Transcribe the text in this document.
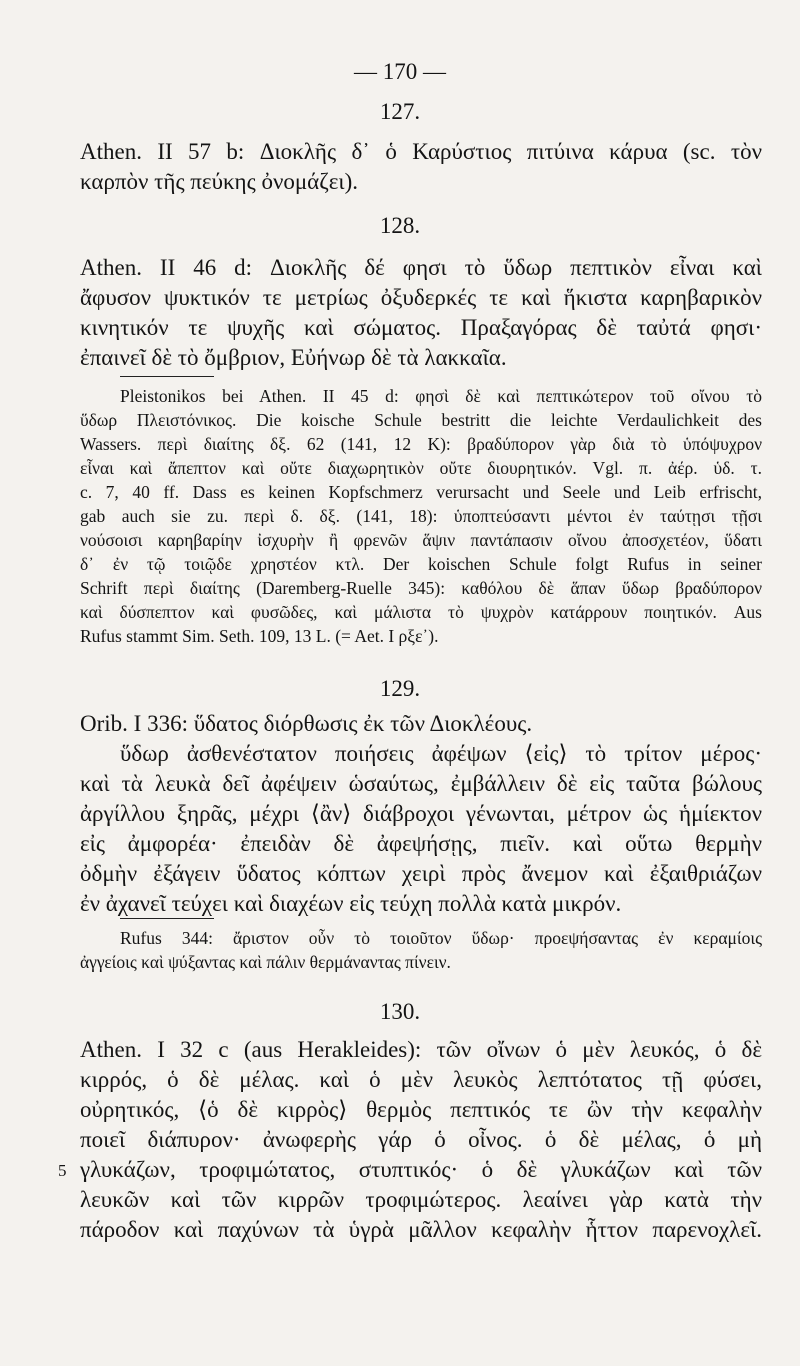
— 170 —
127.
Athen. II 57 b: Διοκλῆς δ᾽ ὁ Καρύστιος πιτύινα κάρυα (sc. τὸν
καρπὸν τῆς πεύκης ὀνομάζει).
128.
Athen. II 46 d: Διοκλῆς δέ φησι τὸ ὕδωρ πεπτικὸν εἶναι καὶ
ἄφυσον ψυκτικόν τε μετρίως ὀξυδερκές τε καὶ ἥκιστα καρηβαρικὸν
κινητικόν τε ψυχῆς καὶ σώματος. Πραξαγόρας δὲ ταὐτά φησι·
ἐπαινεῖ δὲ τὸ ὄμβριον, Εὐήνωρ δὲ τὰ λακκαῖα.
Pleistonikos bei Athen. II 45 d: φησὶ δὲ καὶ πεπτικώτερον τοῦ οἴνου τὸ
ὕδωρ Πλειστόνικος. Die koische Schule bestritt die leichte Verdaulichkeit des
Wassers. περὶ διαίτης δξ. 62 (141, 12 K): βραδύπορον γὰρ διὰ τὸ ὑπόψυχρον
εἶναι καὶ ἄπεπτον καὶ οὔτε διαχωρητικὸν οὔτε διουρητικόν. Vgl. π. ἀέρ. ὑδ. τ.
c. 7, 40 ff. Dass es keinen Kopfschmerz verursacht und Seele und Leib erfrischt,
gab auch sie zu. περὶ δ. δξ. (141, 18): ὑποπτεύσαντι μέντοι ἐν ταύτῃσι τῇσι
νούσοισι καρηβαρίην ἰσχυρὴν ἢ φρενῶν ἅψιν παντάπασιν οἴνου ἀποσχετέον, ὕδατι
δ᾽ ἐν τῷ τοιῷδε χρηστέον κτλ. Der koischen Schule folgt Rufus in seiner
Schrift περὶ διαίτης (Daremberg-Ruelle 345): καθόλου δὲ ἅπαν ὕδωρ βραδύπορον
καὶ δύσπεπτον καὶ φυσῶδες, καὶ μάλιστα τὸ ψυχρὸν κατάρρουν ποιητικόν. Aus
Rufus stammt Sim. Seth. 109, 13 L. (= Aet. I ρξε᾽).
129.
Orib. I 336: ὕδατος διόρθωσις ἐκ τῶν Διοκλέους.
ὕδωρ ἀσθενέστατον ποιήσεις ἀφέψων ⟨εἰς⟩ τὸ τρίτον μέρος·
καὶ τὰ λευκὰ δεῖ ἀφέψειν ὡσαύτως, ἐμβάλλειν δὲ εἰς ταῦτα βώλους
ἀργίλλου ξηρᾶς, μέχρι ⟨ἂν⟩ διάβροχοι γένωνται, μέτρον ὡς ἡμίεκτον
εἰς ἀμφορέα· ἐπειδὰν δὲ ἀφεψήσῃς, πιεῖν. καὶ οὕτω θερμὴν
ὀδμὴν ἐξάγειν ὕδατος κόπτων χειρὶ πρὸς ἄνεμον καὶ ἐξαιθριάζων
ἐν ἀχανεῖ τεύχει καὶ διαχέων εἰς τεύχη πολλὰ κατὰ μικρόν.
Rufus 344: ἄριστον οὖν τὸ τοιοῦτον ὕδωρ· προεψήσαντας ἐν κεραμίοις
ἀγγείοις καὶ ψύξαντας καὶ πάλιν θερμάναντας πίνειν.
130.
Athen. I 32 c (aus Herakleides): τῶν οἴνων ὁ μὲν λευκός, ὁ δὲ
κιρρός, ὁ δὲ μέλας. καὶ ὁ μὲν λευκὸς λεπτότατος τῇ φύσει,
οὐρητικός, ⟨ὁ δὲ κιρρὸς⟩ θερμὸς πεπτικός τε ὢν τὴν κεφαλὴν
ποιεῖ διάπυρον· ἀνωφερὴς γάρ ὁ οἶνος. ὁ δὲ μέλας, ὁ μὴ
5 γλυκάζων, τροφιμώτατος, στυπτικός· ὁ δὲ γλυκάζων καὶ τῶν
λευκῶν καὶ τῶν κιρρῶν τροφιμώτερος. λεαίνει γὰρ κατὰ τὴν
πάροδον καὶ παχύνων τὰ ὑγρὰ μᾶλλον κεφαλὴν ἧττον παρενοχλεῖ.
